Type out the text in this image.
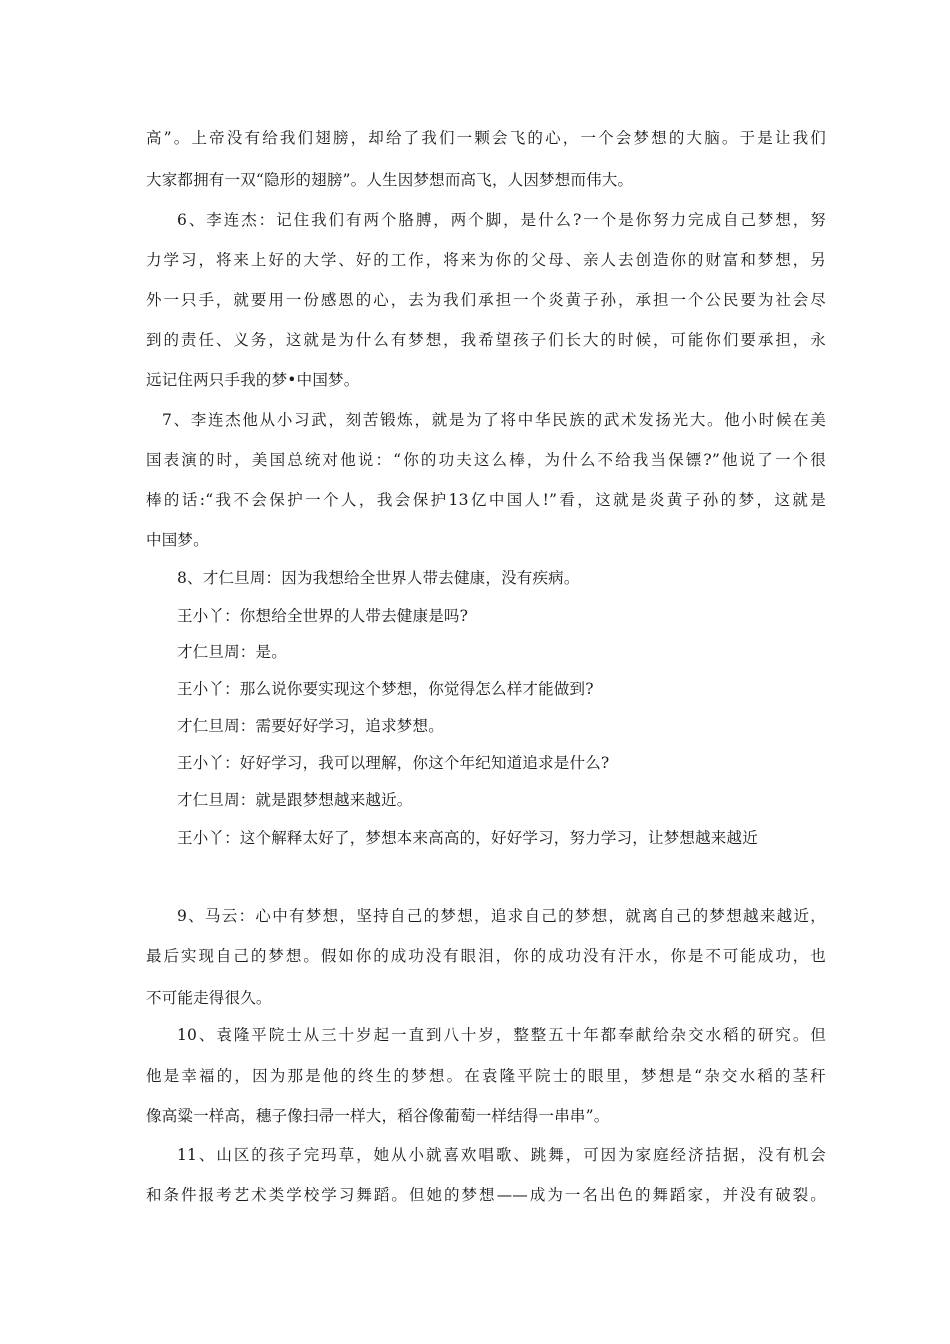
高”。上帝没有给我们翅膀，却给了我们一颗会飞的心，一个会梦想的大脑。于是让我们
大家都拥有一双“隐形的翅膀”。人生因梦想而高飞，人因梦想而伟大。
6、李连杰：记住我们有两个胳膊，两个脚，是什么?一个是你努力完成自己梦想，努
力学习，将来上好的大学、好的工作，将来为你的父母、亲人去创造你的财富和梦想，另
外一只手，就要用一份感恩的心，去为我们承担一个炎黄子孙，承担一个公民要为社会尽
到的责任、义务，这就是为什么有梦想，我希望孩子们长大的时候，可能你们要承担，永
远记住两只手我的梦•中国梦。
7、李连杰他从小习武，刻苦锻炼，就是为了将中华民族的武术发扬光大。他小时候在美
国表演的时，美国总统对他说：“你的功夫这么棒，为什么不给我当保镖?”他说了一个很
棒的话:“我不会保护一个人，我会保护13亿中国人!”看，这就是炎黄子孙的梦，这就是
中国梦。
8、才仁旦周：因为我想给全世界人带去健康，没有疾病。
王小丫：你想给全世界的人带去健康是吗?
才仁旦周：是。
王小丫：那么说你要实现这个梦想，你觉得怎么样才能做到?
才仁旦周：需要好好学习，追求梦想。
王小丫：好好学习，我可以理解，你这个年纪知道追求是什么?
才仁旦周：就是跟梦想越来越近。
王小丫：这个解释太好了，梦想本来高高的，好好学习，努力学习，让梦想越来越近
9、马云：心中有梦想，坚持自己的梦想，追求自己的梦想，就离自己的梦想越来越近，
最后实现自己的梦想。假如你的成功没有眼泪，你的成功没有汗水，你是不可能成功，也
不可能走得很久。
10、袁隆平院士从三十岁起一直到八十岁，整整五十年都奉献给杂交水稻的研究。但
他是幸福的，因为那是他的终生的梦想。在袁隆平院士的眼里，梦想是“杂交水稻的茎秆
像高粱一样高，穗子像扫帚一样大，稻谷像葡萄一样结得一串串”。
11、山区的孩子完玛草，她从小就喜欢唱歌、跳舞，可因为家庭经济拮据，没有机会
和条件报考艺术类学校学习舞蹈。但她的梦想——成为一名出色的舞蹈家，并没有破裂。
